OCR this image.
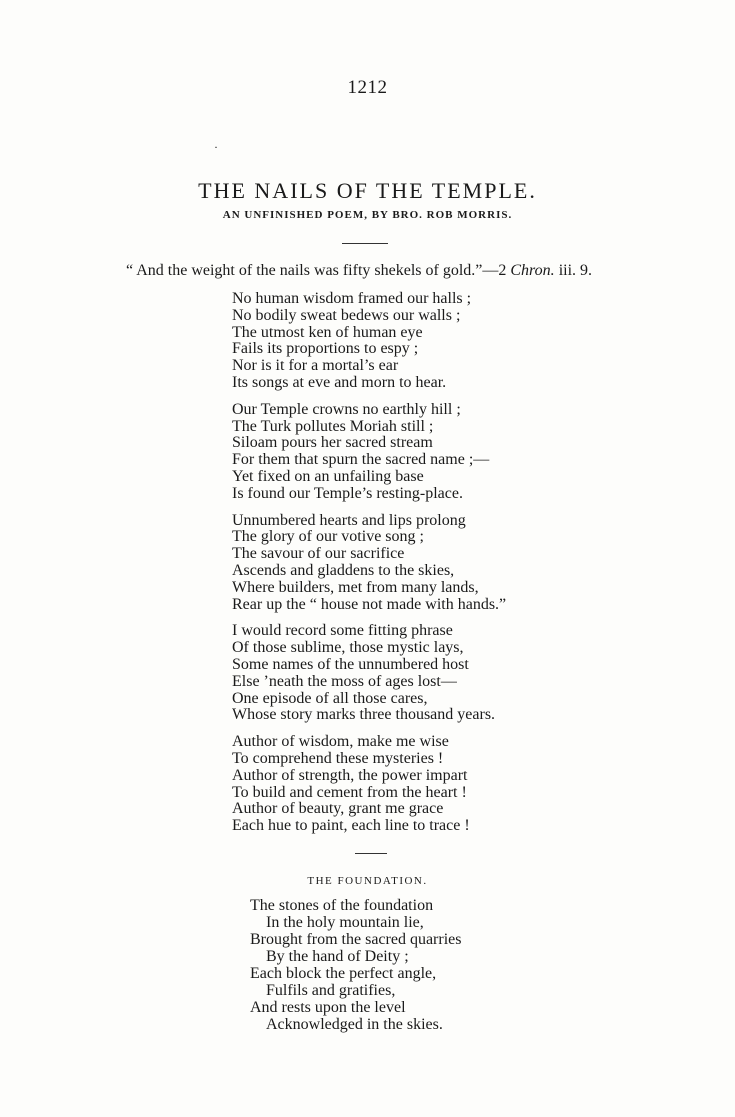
1212
·
THE NAILS OF THE TEMPLE.
AN UNFINISHED POEM, BY BRO. ROB MORRIS.
“ And the weight of the nails was fifty shekels of gold.”—2 Chron. iii. 9.
No human wisdom framed our halls ;
No bodily sweat bedews our walls ;
The utmost ken of human eye
Fails its proportions to espy ;
Nor is it for a mortal’s ear
Its songs at eve and morn to hear.
Our Temple crowns no earthly hill ;
The Turk pollutes Moriah still ;
Siloam pours her sacred stream
For them that spurn the sacred name ;—
Yet fixed on an unfailing base
Is found our Temple’s resting-place.
Unnumbered hearts and lips prolong
The glory of our votive song ;
The savour of our sacrifice
Ascends and gladdens to the skies,
Where builders, met from many lands,
Rear up the “ house not made with hands.”
I would record some fitting phrase
Of those sublime, those mystic lays,
Some names of the unnumbered host
Else ’neath the moss of ages lost—
One episode of all those cares,
Whose story marks three thousand years.
Author of wisdom, make me wise
To comprehend these mysteries !
Author of strength, the power impart
To build and cement from the heart !
Author of beauty, grant me grace
Each hue to paint, each line to trace !
THE FOUNDATION.
The stones of the foundation
In the holy mountain lie,
Brought from the sacred quarries
By the hand of Deity ;
Each block the perfect angle,
Fulfils and gratifies,
And rests upon the level
Acknowledged in the skies.
